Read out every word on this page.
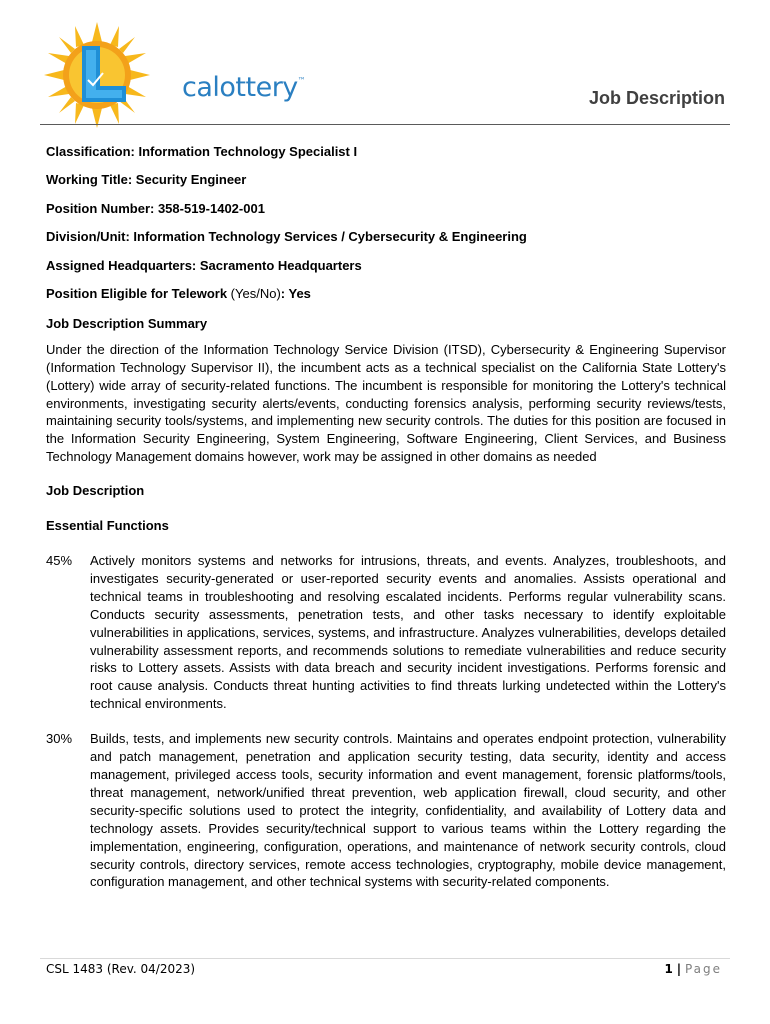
calottery™
Job Description
Classification: Information Technology Specialist I
Working Title: Security Engineer
Position Number: 358-519-1402-001
Division/Unit: Information Technology Services / Cybersecurity & Engineering
Assigned Headquarters: Sacramento Headquarters
Position Eligible for Telework (Yes/No): Yes
Job Description Summary

Under the direction of the Information Technology Service Division (ITSD), Cybersecurity & Engineering Supervisor (Information Technology Supervisor II), the incumbent acts as a technical specialist on the California State Lottery's (Lottery) wide array of security-related functions. The incumbent is responsible for monitoring the Lottery's technical environments, investigating security alerts/events, conducting forensics analysis, performing security reviews/tests, maintaining security tools/systems, and implementing new security controls. The duties for this position are focused in the Information Security Engineering, System Engineering, Software Engineering, Client Services, and Business Technology Management domains however, work may be assigned in other domains as needed

Job Description
Essential Functions
45%	Actively monitors systems and networks for intrusions, threats, and events. Analyzes, troubleshoots, and investigates security-generated or user-reported security events and anomalies. Assists operational and technical teams in troubleshooting and resolving escalated incidents. Performs regular vulnerability scans. Conducts security assessments, penetration tests, and other tasks necessary to identify exploitable vulnerabilities in applications, services, systems, and infrastructure. Analyzes vulnerabilities, develops detailed vulnerability assessment reports, and recommends solutions to remediate vulnerabilities and reduce security risks to Lottery assets. Assists with data breach and security incident investigations. Performs forensic and root cause analysis. Conducts threat hunting activities to find threats lurking undetected within the Lottery's technical environments.
30%	Builds, tests, and implements new security controls. Maintains and operates endpoint protection, vulnerability and patch management, penetration and application security testing, data security, identity and access management, privileged access tools, security information and event management, forensic platforms/tools, threat management, network/unified threat prevention, web application firewall, cloud security, and other security-specific solutions used to protect the integrity, confidentiality, and availability of Lottery data and technology assets. Provides security/technical support to various teams within the Lottery regarding the implementation, engineering, configuration, operations, and maintenance of network security controls, cloud security controls, directory services, remote access technologies, cryptography, mobile device management, configuration management, and other technical systems with security-related components.
CSL 1483 (Rev. 04/2023)	1 | Page
